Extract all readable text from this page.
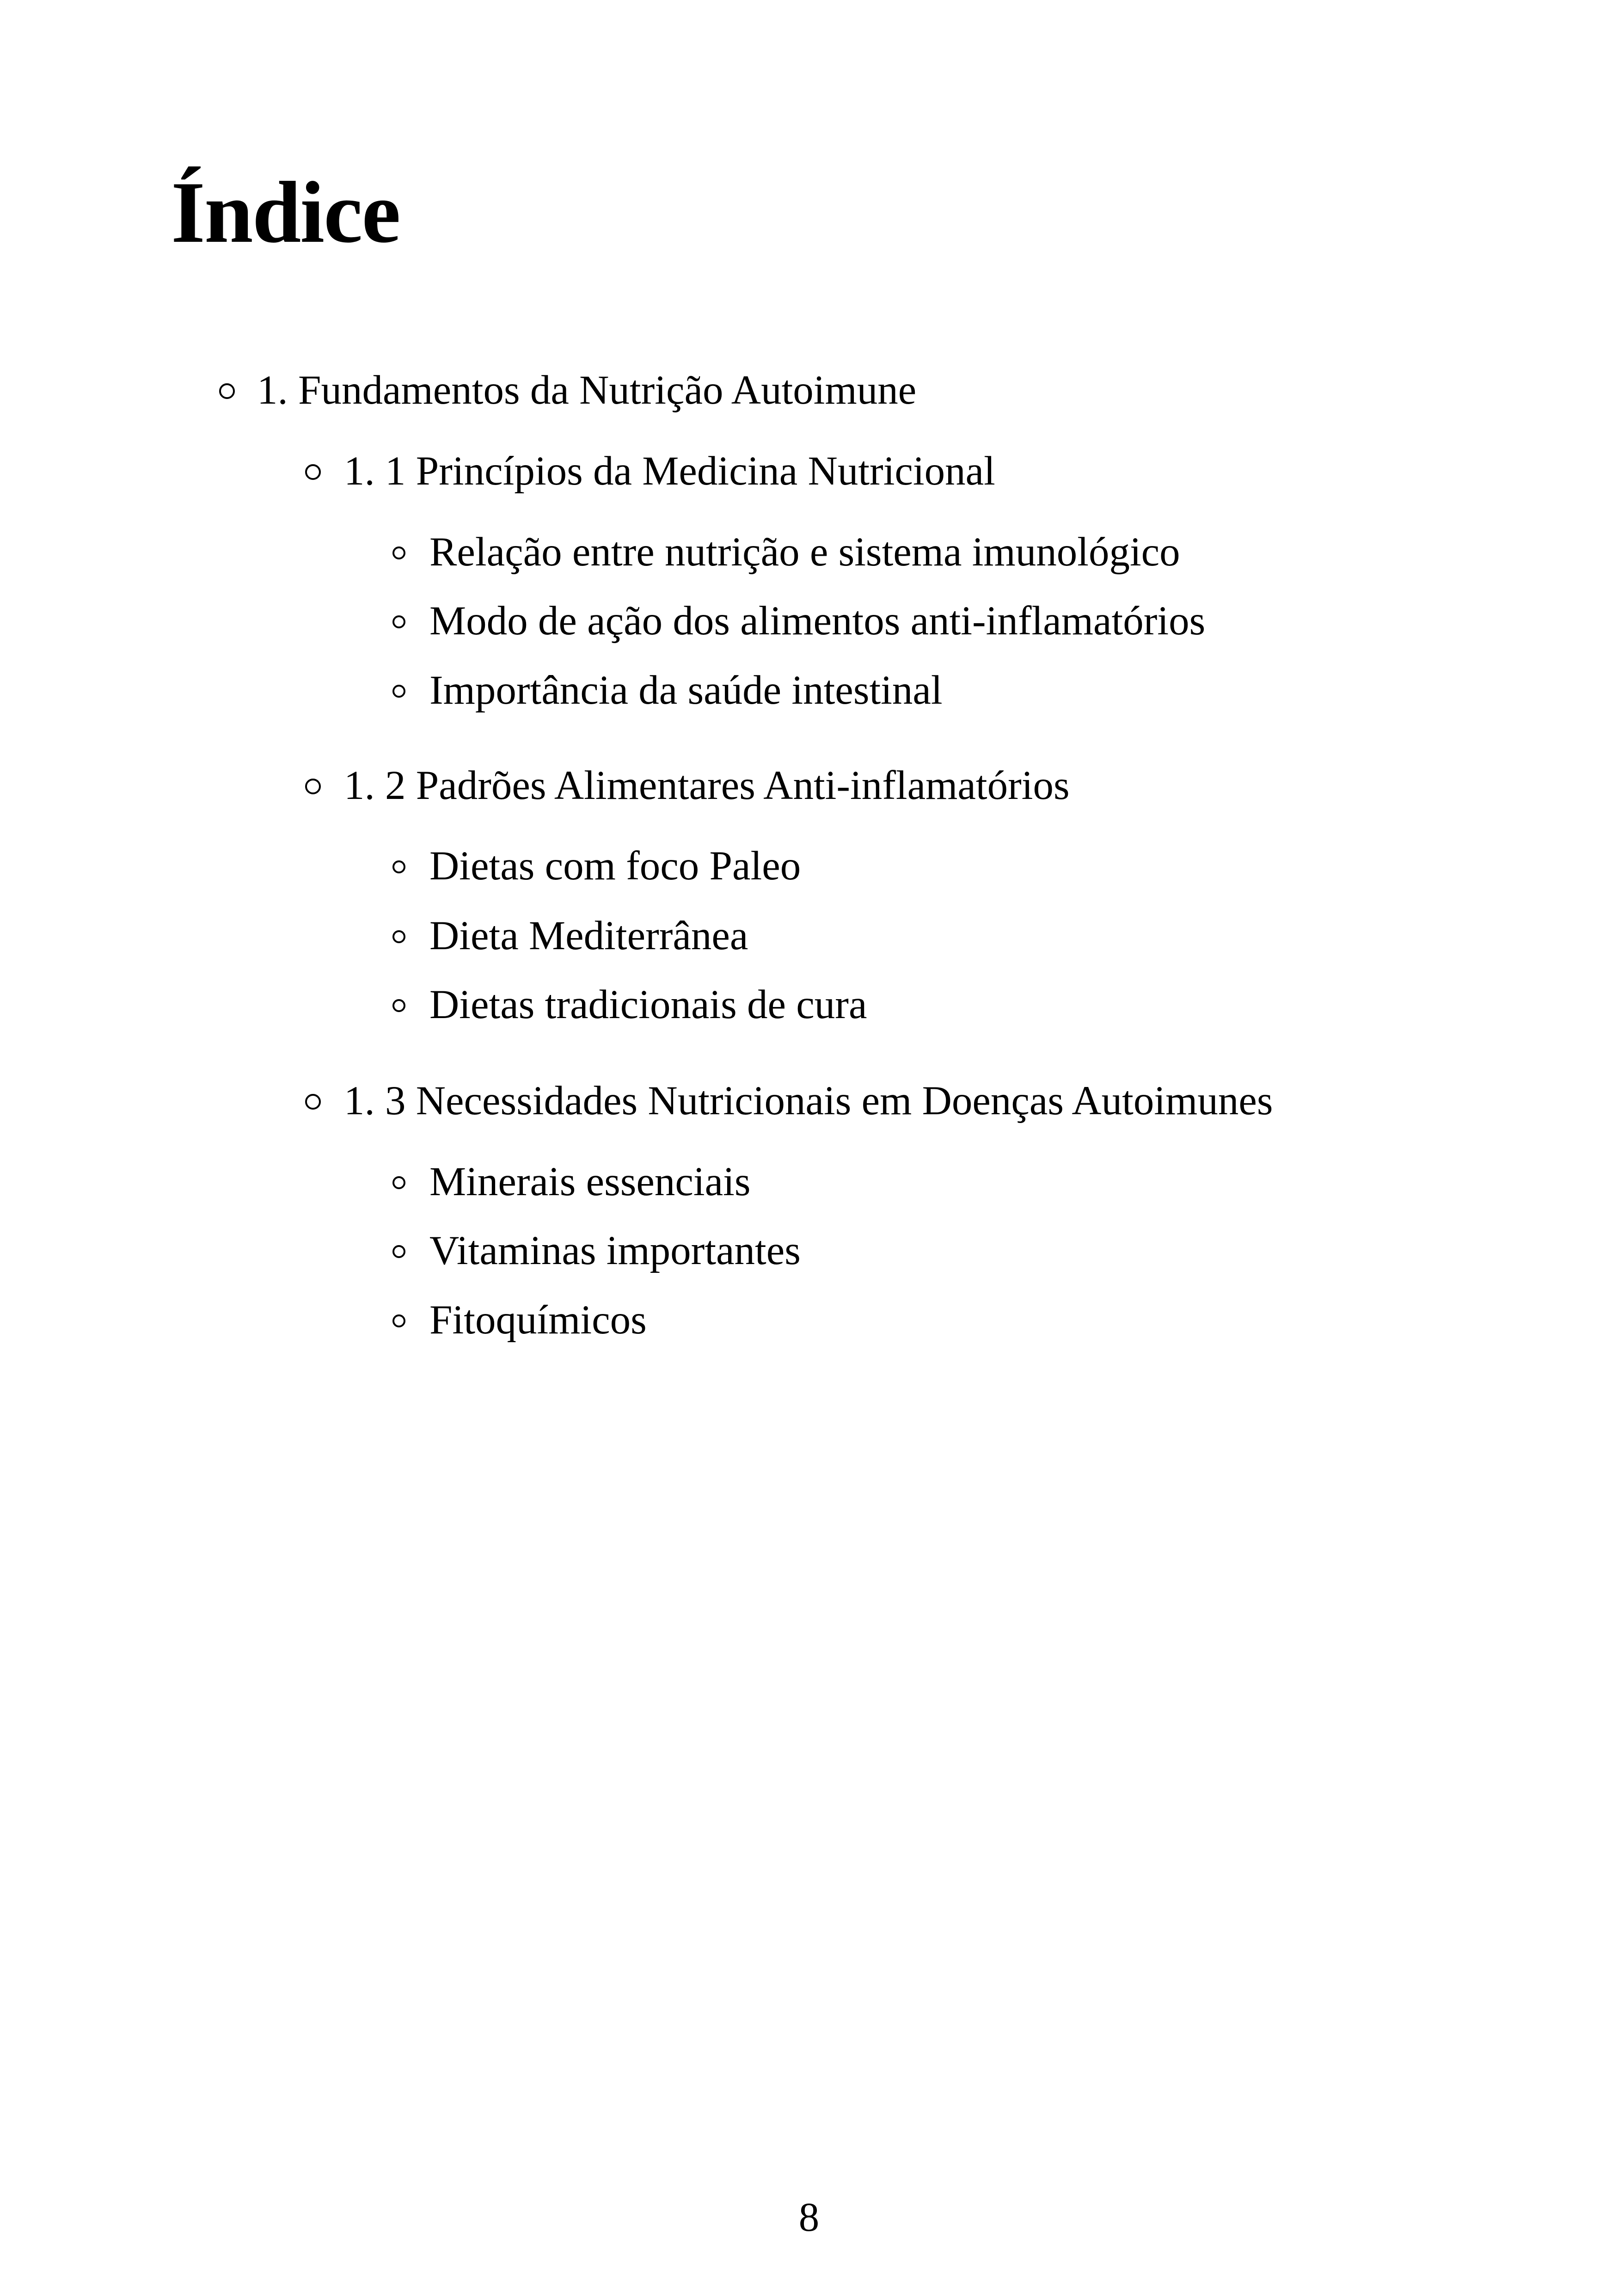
Índice
1. Fundamentos da Nutrição Autoimune
1. 1 Princípios da Medicina Nutricional
Relação entre nutrição e sistema imunológico
Modo de ação dos alimentos anti-inflamatórios
Importância da saúde intestinal
1. 2 Padrões Alimentares Anti-inflamatórios
Dietas com foco Paleo
Dieta Mediterrânea
Dietas tradicionais de cura
1. 3 Necessidades Nutricionais em Doenças Autoimunes
Minerais essenciais
Vitaminas importantes
Fitoquímicos
8
